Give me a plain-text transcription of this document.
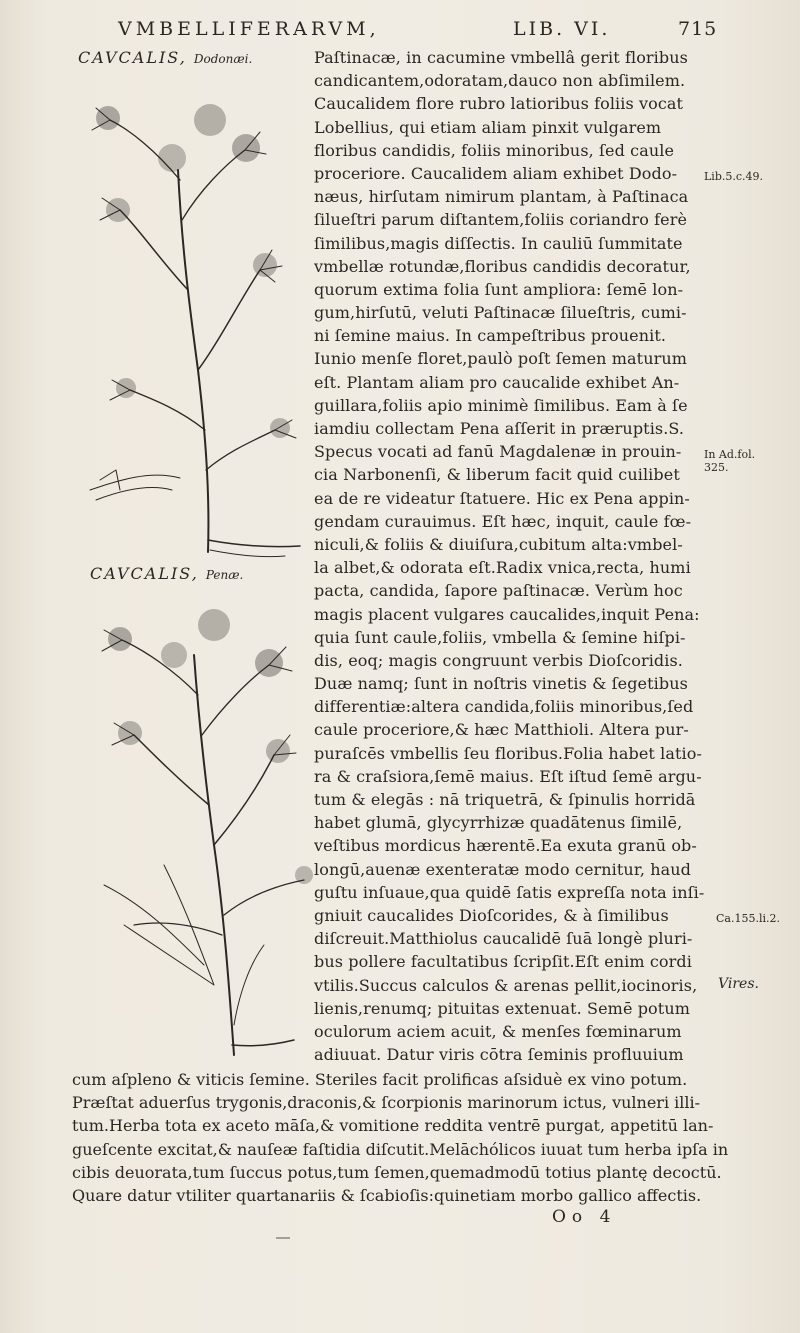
VMBELLIFERARVM,	LIB. VI.	715
CAVCALIS, Dodonæi.
CAVCALIS, Penæ.
Paſtinacæ, in cacumine vmbellâ gerit floribus
candicantem,odoratam,dauco non abſimilem.
Caucalidem flore rubro latioribus foliis vocat
Lobellius, qui etiam aliam pinxit vulgarem
floribus candidis, foliis minoribus, ſed caule
proceriore. Caucalidem aliam exhibet Dodo-
næus, hirſutam nimirum plantam, à Paſtinaca
ſilueſtri parum diſtantem,foliis coriandro ferè
ſimilibus,magis diſſectis. In cauliū ſummitate
vmbellæ rotundæ,floribus candidis decoratur,
quorum extima folia ſunt ampliora: ſemē lon-
gum,hirſutū, veluti Paſtinacæ ſilueſtris, cumi-
ni ſemine maius. In campeſtribus prouenit.
Iunio menſe floret,paulò poſt ſemen maturum
eſt. Plantam aliam pro caucalide exhibet An-
guillara,foliis apio minimè ſimilibus. Eam à ſe
iamdiu collectam Pena aſſerit in præruptis.S.
Specus vocati ad fanū Magdalenæ in prouin-
cia Narbonenſi, & liberum facit quid cuilibet
ea de re videatur ſtatuere. Hic ex Pena appin-
gendam curauimus. Eſt hæc, inquit, caule fœ-
niculi,& foliis & diuiſura,cubitum alta:vmbel-
la albet,& odorata eſt.Radix vnica,recta, humi
pacta, candida, ſapore paſtinacæ. Verùm hoc
magis placent vulgares caucalides,inquit Pena:
quia ſunt caule,foliis, vmbella & ſemine hiſpi-
dis, eoq; magis congruunt verbis Dioſcoridis.
Duæ namq; ſunt in noſtris vinetis & ſegetibus
differentiæ:altera candida,foliis minoribus,ſed
caule proceriore,& hæc Matthioli. Altera pur-
puraſcēs vmbellis ſeu floribus.Folia habet latio-
ra & craſsiora,ſemē maius. Eſt iſtud ſemē argu-
tum & elegās : nā triquetrā, & ſpinulis horridā
habet glumā, glycyrrhizæ quadātenus ſimilē,
veſtibus mordicus hærentē.Ea exuta granū ob-
longū,auenæ exenteratæ modo cernitur, haud
guſtu inſuaue,qua quidē ſatis expreſſa nota inſi-
gniuit caucalides Dioſcorides, & à ſimilibus
diſcreuit.Matthiolus caucalidē ſuā longè pluri-
bus pollere facultatibus ſcripſit.Eſt enim cordi
vtilis.Succus calculos & arenas pellit,iocinoris,
lienis,renumq; pituitas extenuat. Semē potum
oculorum aciem acuit, & menſes fœminarum
adiuuat. Datur viris cōtra ſeminis profluuium
cum aſpleno & viticis ſemine. Steriles facit prolificas aſsiduè ex vino potum.
Præſtat aduerſus trygonis,draconis,& ſcorpionis marinorum ictus, vulneri illi-
tum.Herba tota ex aceto māſa,& vomitione reddita ventrē purgat, appetitū lan-
gueſcente excitat,& nauſeæ faſtidia diſcutit.Melāchólicos iuuat tum herba ipſa in
cibis deuorata,tum ſuccus potus,tum ſemen,quemadmodū totius plantę decoctū.
Quare datur vtiliter quartanariis & ſcabioſis:quinetiam morbo gallico affectis.
Oo 4
Lib.5.c.49.
In Ad.fol.
325.
Ca.155.li.2.
Vires.
